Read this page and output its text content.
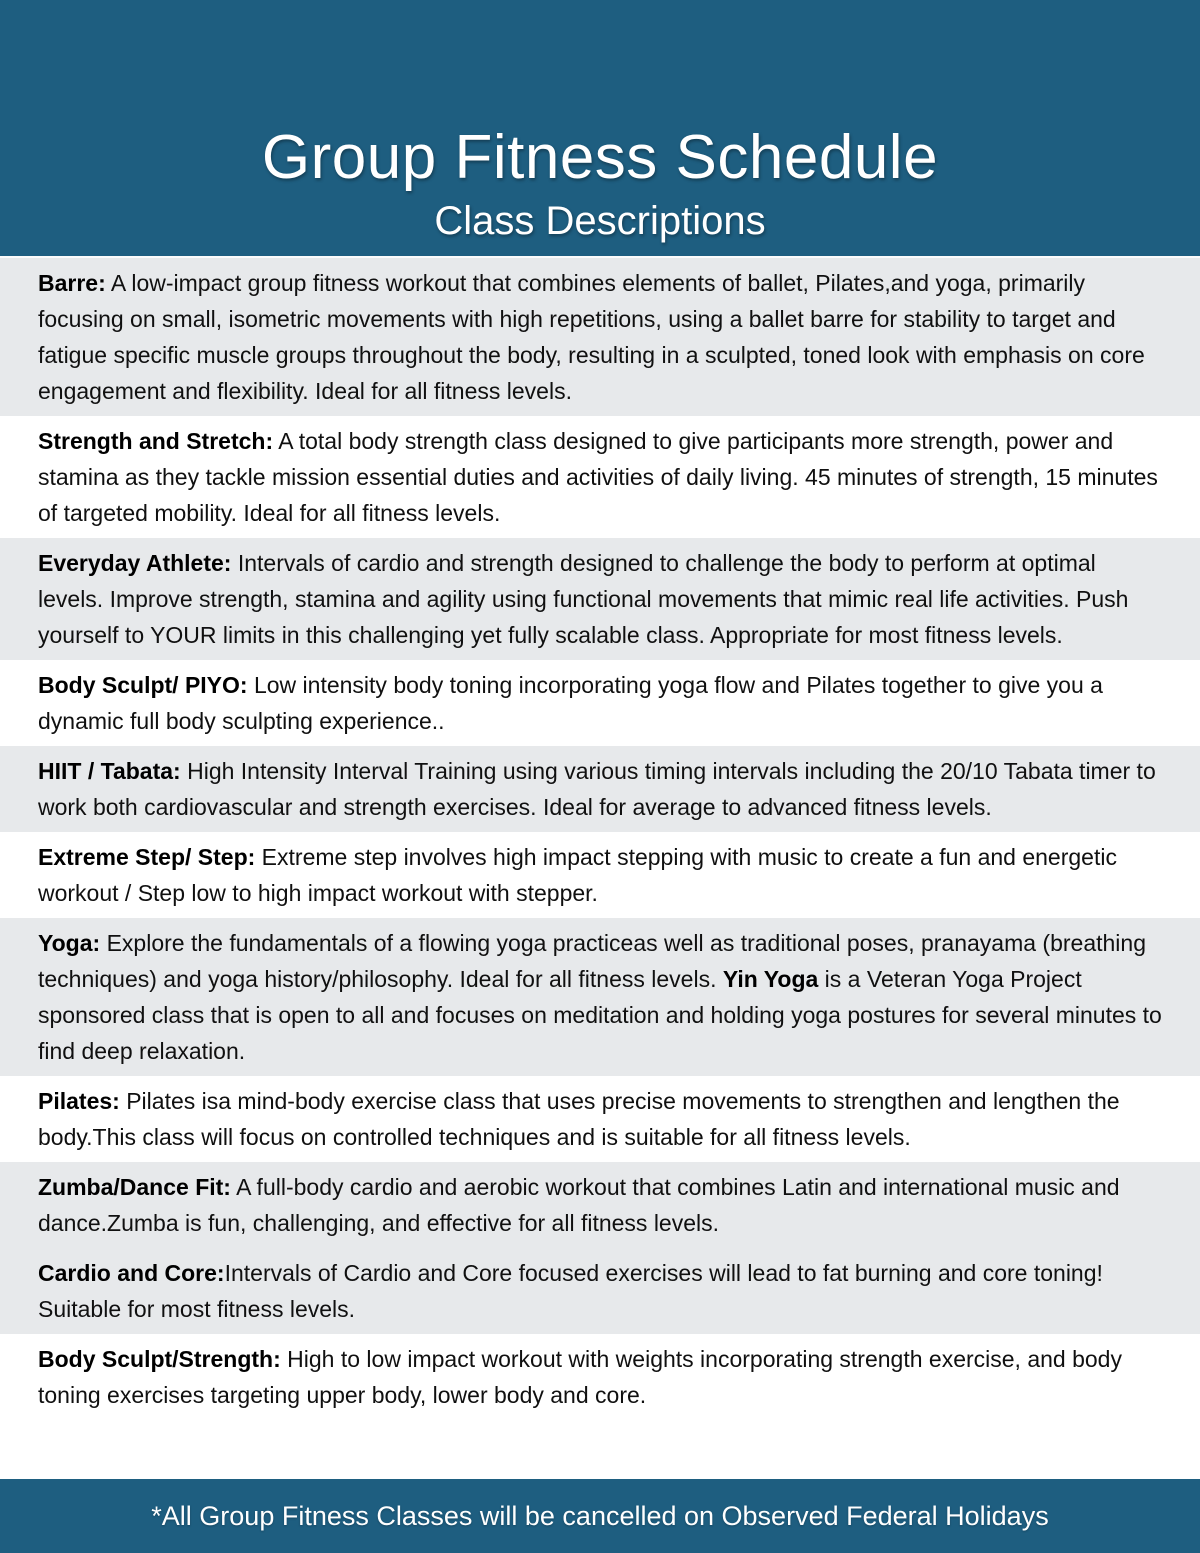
Group Fitness Schedule
Class Descriptions

Barre: A low-impact group fitness workout that combines elements of ballet, Pilates,and yoga, primarily focusing on small, isometric movements with high repetitions, using a ballet barre for stability to target and fatigue specific muscle groups throughout the body, resulting in a sculpted, toned look with emphasis on core engagement and flexibility. Ideal for all fitness levels.

Strength and Stretch: A total body strength class designed to give participants more strength, power and stamina as they tackle mission essential duties and activities of daily living. 45 minutes of strength, 15 minutes of targeted mobility. Ideal for all fitness levels.

Everyday Athlete: Intervals of cardio and strength designed to challenge the body to perform at optimal levels. Improve strength, stamina and agility using functional movements that mimic real life activities. Push yourself to YOUR limits in this challenging yet fully scalable class. Appropriate for most fitness levels.

Body Sculpt/ PIYO: Low intensity body toning incorporating yoga flow and Pilates together to give you a dynamic full body sculpting experience..

HIIT / Tabata: High Intensity Interval Training using various timing intervals including the 20/10 Tabata timer to work both cardiovascular and strength exercises. Ideal for average to advanced fitness levels.

Extreme Step/ Step: Extreme step involves high impact stepping with music to create a fun and energetic workout / Step low to high impact workout with stepper.

Yoga: Explore the fundamentals of a flowing yoga practiceas well as traditional poses, pranayama (breathing techniques) and yoga history/philosophy. Ideal for all fitness levels. Yin Yoga is a Veteran Yoga Project sponsored class that is open to all and focuses on meditation and holding yoga postures for several minutes to find deep relaxation.

Pilates: Pilates isa mind-body exercise class that uses precise movements to strengthen and lengthen the body.This class will focus on controlled techniques and is suitable for all fitness levels.

Zumba/Dance Fit: A full-body cardio and aerobic workout that combines Latin and international music and dance.Zumba is fun, challenging, and effective for all fitness levels.

Cardio and Core:Intervals of Cardio and Core focused exercises will lead to fat burning and core toning! Suitable for most fitness levels.

Body Sculpt/Strength: High to low impact workout with weights incorporating strength exercise, and body toning exercises targeting upper body, lower body and core.

*All Group Fitness Classes will be cancelled on Observed Federal Holidays
